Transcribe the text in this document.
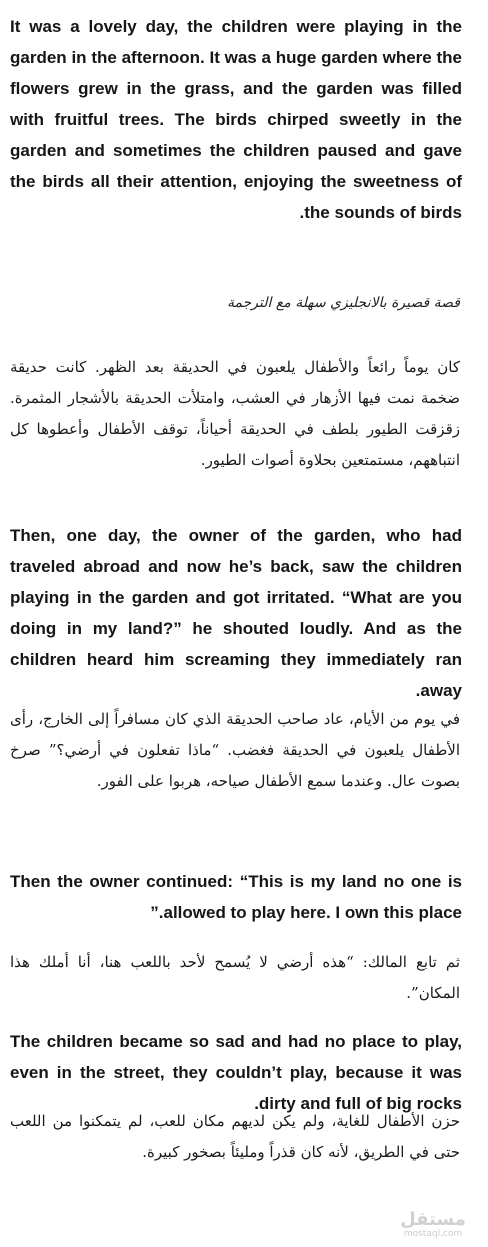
It was a lovely day, the children were playing in the garden in the afternoon. It was a huge garden where the flowers grew in the grass, and the garden was filled with fruitful trees. The birds chirped sweetly in the garden and sometimes the children paused and gave the birds all their attention, enjoying the sweetness of the sounds of birds.

قصة قصيرة بالانجليزي سهلة مع الترجمة

كان يوماً رائعاً والأطفال يلعبون في الحديقة بعد الظهر. كانت حديقة ضخمة نمت فيها الأزهار في العشب، وامتلأت الحديقة بالأشجار المثمرة. زقزقت الطيور بلطف في الحديقة أحياناً، توقف الأطفال وأعطوها كل انتباههم، مستمتعين بحلاوة أصوات الطيور.

Then, one day, the owner of the garden, who had traveled abroad and now he’s back, saw the children playing in the garden and got irritated. “What are you doing in my land?” he shouted loudly. And as the children heard him screaming they immediately ran away.

في يوم من الأيام، عاد صاحب الحديقة الذي كان مسافراً إلى الخارج، رأى الأطفال يلعبون في الحديقة فغضب. “ماذا تفعلون في أرضي؟” صرخ بصوت عال. وعندما سمع الأطفال صياحه، هربوا على الفور.

Then the owner continued: “This is my land no one is allowed to play here. I own this place.”

ثم تابع المالك: “هذه أرضي لا يُسمح لأحد باللعب هنا، أنا أملك هذا المكان”.

The children became so sad and had no place to play, even in the street, they couldn’t play, because it was dirty and full of big rocks.

حزن الأطفال للغاية، ولم يكن لديهم مكان للعب، لم يتمكنوا من اللعب حتى في الطريق، لأنه كان قذراً ومليئاً بصخور كبيرة.

مستقل
mostaql.com
